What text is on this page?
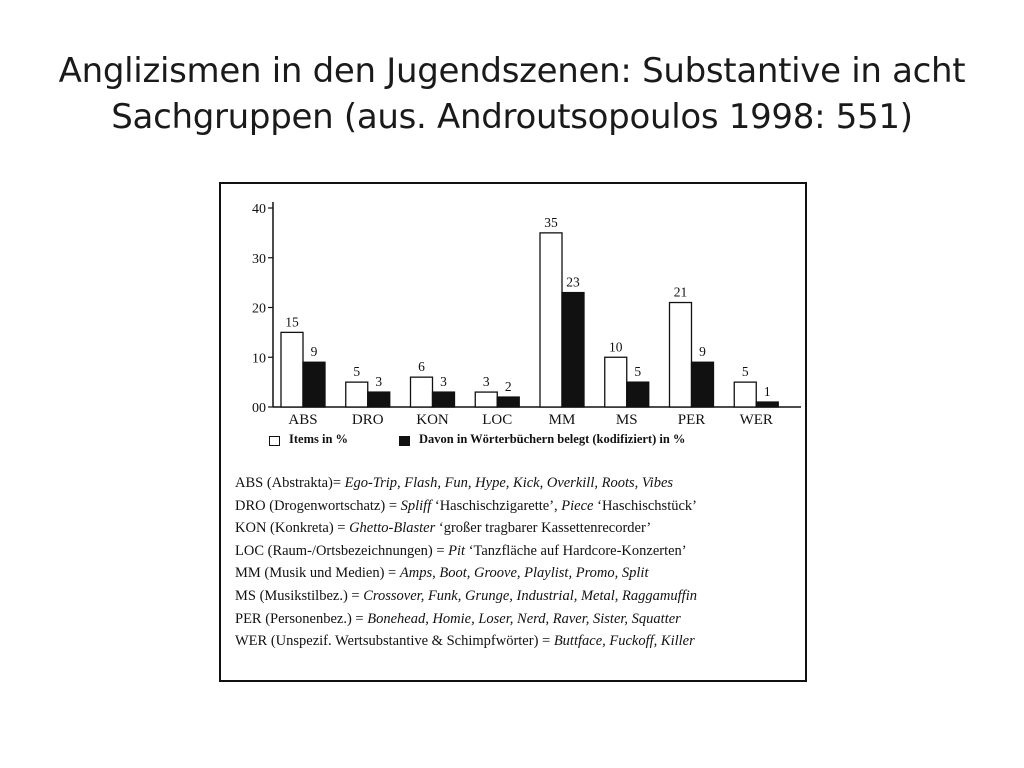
Anglizismen in den Jugendszenen: Substantive in acht
Sachgruppen (aus. Androutsopoulos 1998: 551)
00
10
20
30
40
15
9
ABS
5
3
DRO
6
3
KON
3 2
LOC
35
23
MM
10
5
MS
21
9
PER
5
1
WER
Items in %	Davon in Wörterbüchern belegt (kodifiziert) in %
ABS (Abstrakta)= Ego-Trip, Flash, Fun, Hype, Kick, Overkill, Roots, Vibes
DRO (Drogenwortschatz) = Spliff ‘Haschischzigarette’, Piece ‘Haschischstück’
KON (Konkreta) = Ghetto-Blaster ‘großer tragbarer Kassettenrecorder’
LOC (Raum-/Ortsbezeichnungen) = Pit ‘Tanzfläche auf Hardcore-Konzerten’
MM (Musik und Medien) = Amps, Boot, Groove, Playlist, Promo, Split
MS (Musikstilbez.) = Crossover, Funk, Grunge, Industrial, Metal, Raggamuffin
PER (Personenbez.) = Bonehead, Homie, Loser, Nerd, Raver, Sister, Squatter
WER (Unspezif. Wertsubstantive & Schimpfwörter) = Buttface, Fuckoff, Killer
